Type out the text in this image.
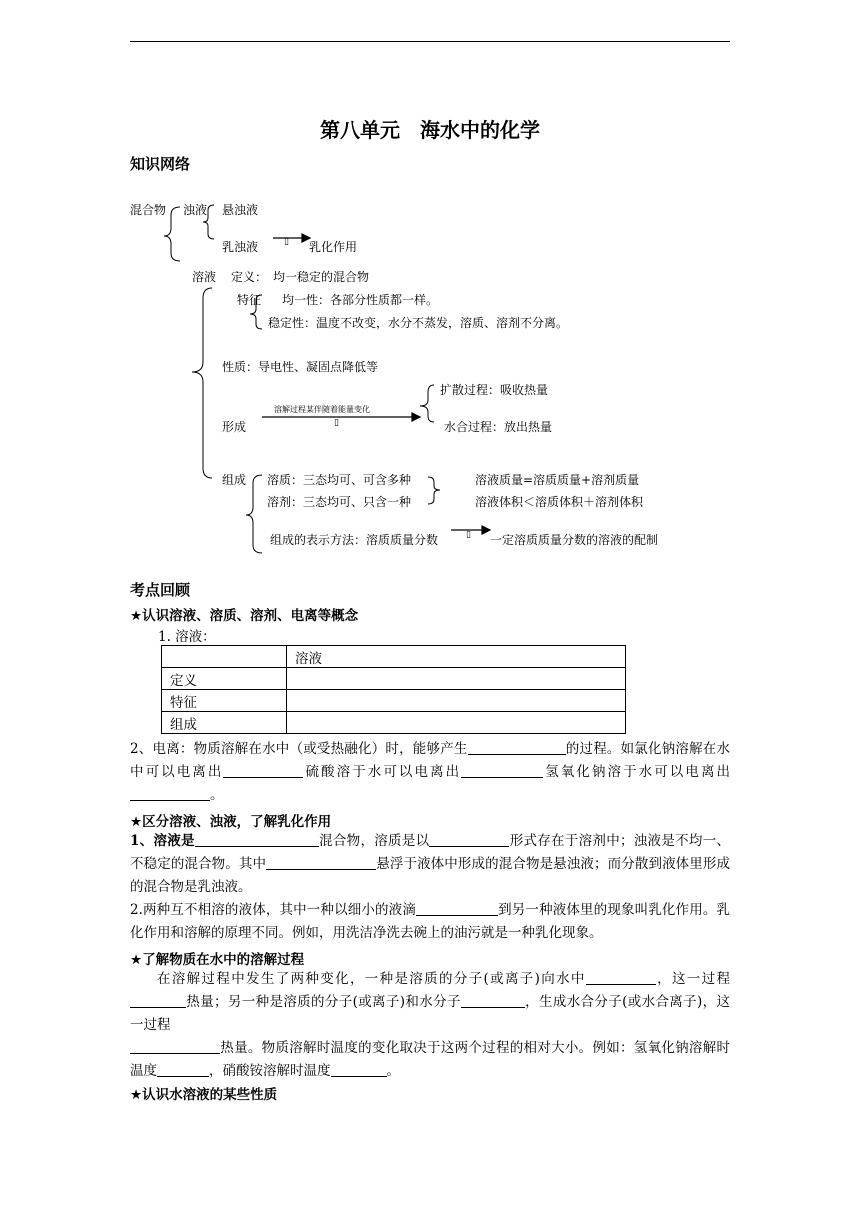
第八单元　海水中的化学
知识网络
混合物 浊液 悬浊液
乳浊液	▯ 乳化作用
溶液 定义：　均一稳定的混合物
特征 均一性：各部分性质都一样。
稳定性：温度不改变，水分不蒸发，溶质、溶剂不分离。
性质：导电性、凝固点降低等
扩散过程：吸收热量
溶解过程某伴随着能量变化
形成	▯	水合过程：放出热量
组成 溶质：三态均可、可含多种	溶液质量=溶质质量+溶剂质量
溶剂：三态均可、只含一种	溶液体积＜溶质体积＋溶剂体积
组成的表示方法：溶质质量分数	▯ 一定溶质质量分数的溶液的配制
考点回顾
★认识溶液、溶质、溶剂、电离等概念
1. 溶液：
	溶液
定义	
特征	
组成	

2、电离：物质溶解在水中（或受热融化）时，能够产生	的过程。如氯化钠溶解在水中可以电离出	硫酸溶于水可以电离出	氢氧化钠溶于水可以电离出。

★区分溶液、浊液，了解乳化作用

1、溶液是	混合物，溶质是以	形式存在于溶剂中；浊液是不均一、不稳定的混合物。其中	悬浮于液体中形成的混合物是悬浊液；而分散到液体里形成的混合物是乳浊液。

2.两种互不相溶的液体，其中一种以细小的液滴	到另一种液体里的现象叫乳化作用。乳化作用和溶解的原理不同。例如，用洗洁净洗去碗上的油污就是一种乳化现象。

★了解物质在水中的溶解过程

在溶解过程中发生了两种变化，一种是溶质的分子(或离子)向水中	，这一过程热量；另一种是溶质的分子(或离子)和水分子	，生成水合分子(或水合离子)，这一过程
热量。物质溶解时温度的变化取决于这两个过程的相对大小。例如：氢氧化钠溶解时温度	，硝酸铵溶解时温度	。

★认识水溶液的某些性质
